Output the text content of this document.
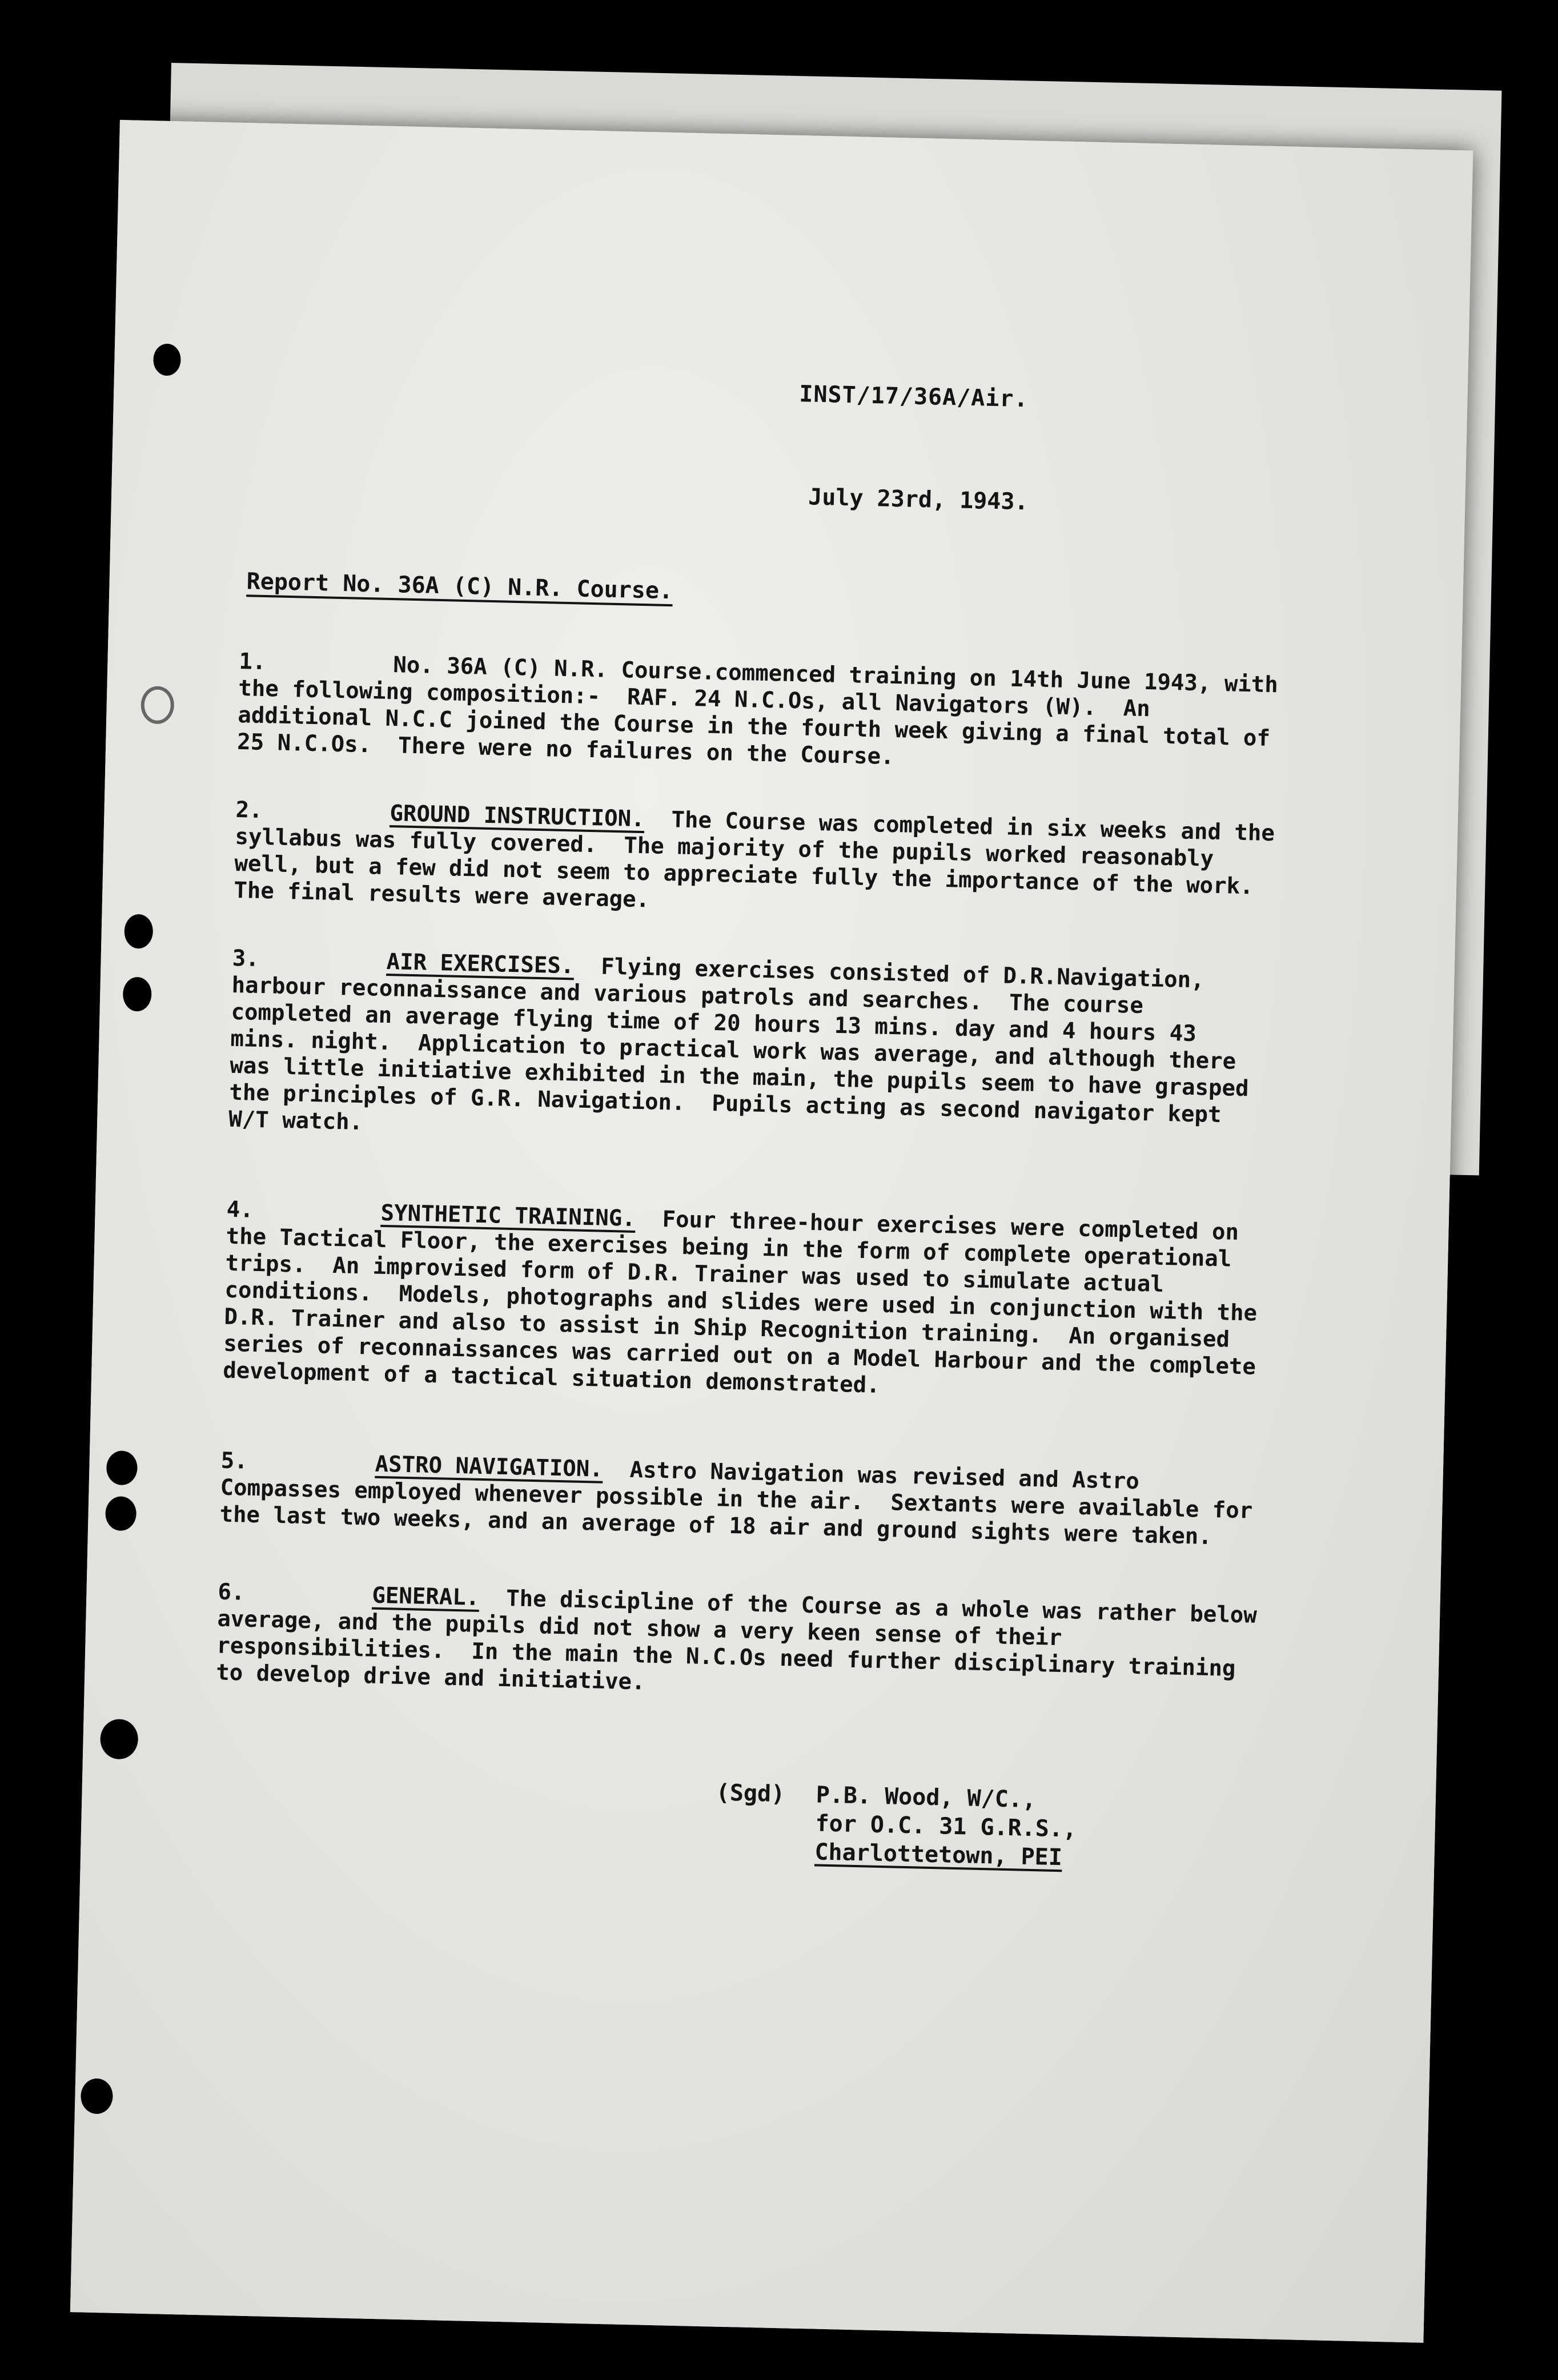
INST/17/36A/Air.
July 23rd, 1943.
Report No. 36A (C) N.R. Course.
1.	No. 36A (C) N.R. Course.commenced training on 14th June 1943, with the following composition:-  RAF. 24 N.C.Os, all Navigators (W).  An additional N.C.C joined the Course in the fourth week giving a final total of 25 N.C.Os.  There were no failures on the Course.
2.	GROUND INSTRUCTION.  The Course was completed in six weeks and the syllabus was fully covered.  The majority of the pupils worked reasonably well, but a few did not seem to appreciate fully the importance of the work.  The final results were average.
3.	AIR EXERCISES.  Flying exercises consisted of D.R.Navigation, harbour reconnaissance and various patrols and searches.  The course completed an average flying time of 20 hours 13 mins. day and 4 hours 43 mins. night.  Application to practical work was average, and although there was little initiative exhibited in the main, the pupils seem to have grasped the principles of G.R. Navigation.  Pupils acting as second navigator kept W/T watch.
4.	SYNTHETIC TRAINING.  Four three-hour exercises were completed on the Tactical Floor, the exercises being in the form of complete operational trips.  An improvised form of D.R. Trainer was used to simulate actual conditions.  Models, photographs and slides were used in conjunction with the D.R. Trainer and also to assist in Ship Recognition training.  An organised series of reconnaissances was carried out on a Model Harbour and the complete development of a tactical situation demonstrated.
5.	ASTRO NAVIGATION.  Astro Navigation was revised and Astro Compasses employed whenever possible in the air.  Sextants were available for the last two weeks, and an average of 18 air and ground sights were taken.
6.	GENERAL.  The discipline of the Course as a whole was rather below average, and the pupils did not show a very keen sense of their responsibilities.  In the main the N.C.Os need further disciplinary training to develop drive and initiative.
(Sgd) P.B. Wood, W/C.,
for O.C. 31 G.R.S.,
Charlottetown, PEI
